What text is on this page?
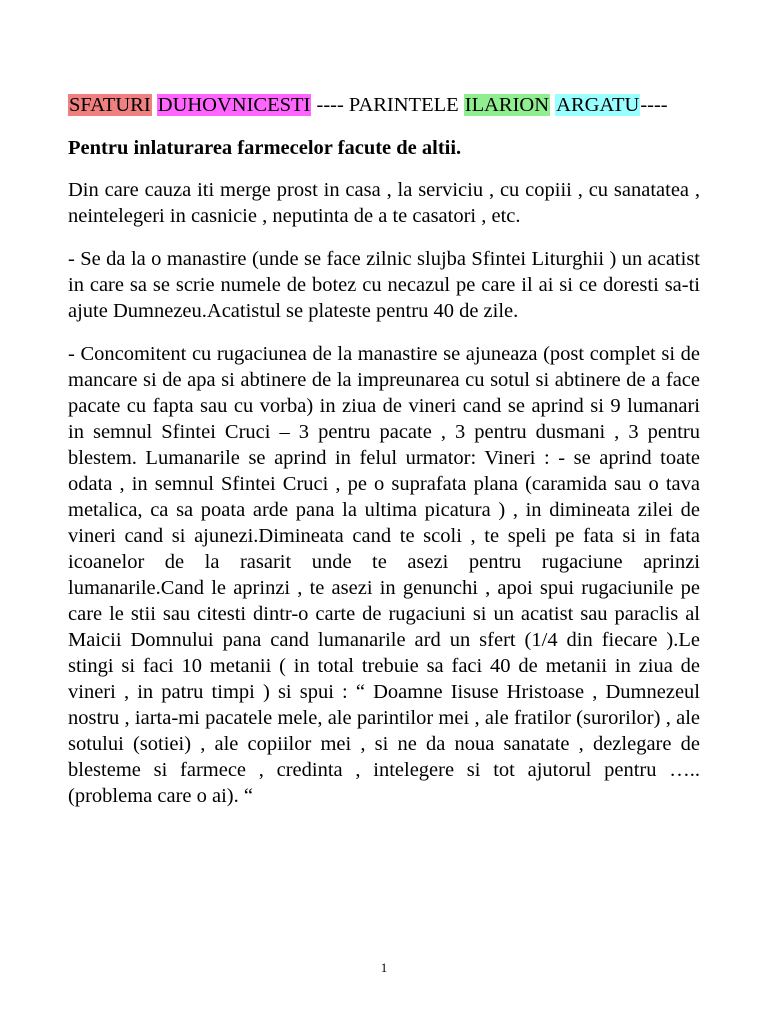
SFATURI DUHOVNICESTI ---- PARINTELE ILARION ARGATU----

Pentru inlaturarea farmecelor facute de altii.

Din care cauza iti merge prost in casa , la serviciu , cu copiii , cu sanatatea , neintelegeri in casnicie , neputinta de a te casatori , etc.

- Se da la o manastire (unde se face zilnic slujba Sfintei Liturghii ) un acatist in care sa se scrie numele de botez cu necazul pe care il ai si ce doresti sa-ti ajute Dumnezeu.Acatistul se plateste pentru 40 de zile.

- Concomitent cu rugaciunea de la manastire se ajuneaza (post complet si de mancare si de apa si abtinere de la impreunarea cu sotul si abtinere de a face pacate cu fapta sau cu vorba) in ziua de vineri cand se aprind si 9 lumanari in semnul Sfintei Cruci – 3 pentru pacate , 3 pentru dusmani , 3 pentru blestem. Lumanarile se aprind in felul urmator: Vineri : - se aprind toate odata , in semnul Sfintei Cruci , pe o suprafata plana (caramida sau o tava metalica, ca sa poata arde pana la ultima picatura ) , in dimineata zilei de vineri cand si ajunezi.Dimineata cand te scoli , te speli pe fata si in fata icoanelor de la rasarit unde te asezi pentru rugaciune aprinzi lumanarile.Cand le aprinzi , te asezi in genunchi , apoi spui rugaciunile pe care le stii sau citesti dintr-o carte de rugaciuni si un acatist sau paraclis al Maicii Domnului pana cand lumanarile ard un sfert (1/4 din fiecare ).Le stingi si faci 10 metanii ( in total trebuie sa faci 40 de metanii in ziua de vineri , in patru timpi ) si spui : “ Doamne Iisuse Hristoase , Dumnezeul nostru , iarta-mi pacatele mele, ale parintilor mei , ale fratilor (surorilor) , ale sotului (sotiei) , ale copiilor mei , si ne da noua sanatate , dezlegare de blesteme si farmece , credinta , intelegere si tot ajutorul pentru ….. (problema care o ai). “

1
